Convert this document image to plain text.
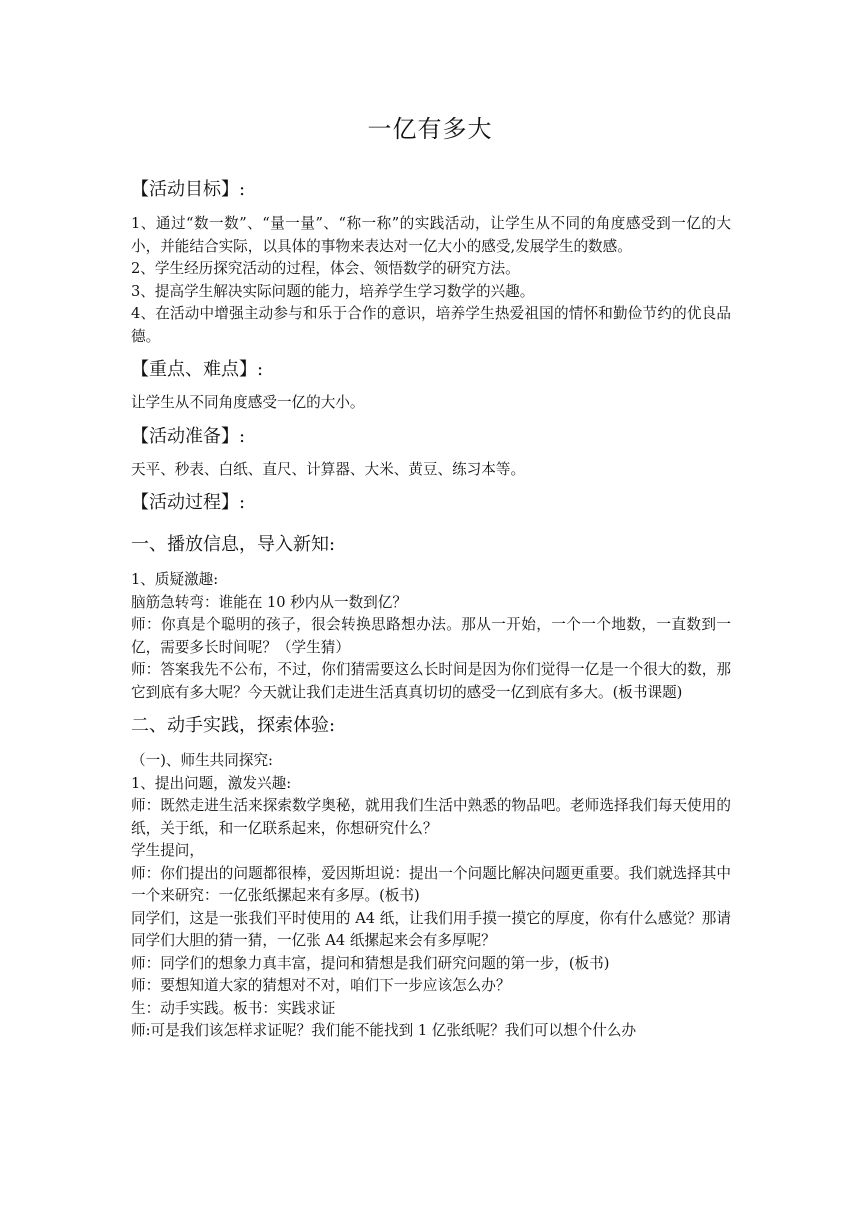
一亿有多大

【活动目标】:

1、通过“数一数”、“量一量”、“称一称”的实践活动，让学生从不同的角度感受到一亿的大小，并能结合实际，以具体的事物来表达对一亿大小的感受,发展学生的数感。

2、学生经历探究活动的过程，体会、领悟数学的研究方法。

3、提高学生解决实际问题的能力，培养学生学习数学的兴趣。

4、在活动中增强主动参与和乐于合作的意识，培养学生热爱祖国的情怀和勤俭节约的优良品德。

【重点、难点】:

让学生从不同角度感受一亿的大小。

【活动准备】:

天平、秒表、白纸、直尺、计算器、大米、黄豆、练习本等。

【活动过程】:

一、播放信息，导入新知:

1、质疑激趣:

脑筋急转弯：谁能在 10 秒内从一数到亿？

师：你真是个聪明的孩子，很会转换思路想办法。那从一开始，一个一个地数，一直数到一亿，需要多长时间呢？（学生猜）

师：答案我先不公布，不过，你们猜需要这么长时间是因为你们觉得一亿是一个很大的数，那它到底有多大呢？今天就让我们走进生活真真切切的感受一亿到底有多大。(板书课题)

二、动手实践，探索体验:

（一)、师生共同探究:

1、提出问题，激发兴趣:

师：既然走进生活来探索数学奥秘，就用我们生活中熟悉的物品吧。老师选择我们每天使用的纸，关于纸，和一亿联系起来，你想研究什么？

学生提问，

师：你们提出的问题都很棒，爱因斯坦说：提出一个问题比解决问题更重要。我们就选择其中一个来研究：一亿张纸摞起来有多厚。(板书)

同学们，这是一张我们平时使用的 A4 纸，让我们用手摸一摸它的厚度，你有什么感觉？那请同学们大胆的猜一猜，一亿张 A4 纸摞起来会有多厚呢？

师：同学们的想象力真丰富，提问和猜想是我们研究问题的第一步，(板书)

师：要想知道大家的猜想对不对，咱们下一步应该怎么办？

生：动手实践。板书：实践求证

师:可是我们该怎样求证呢？我们能不能找到 1 亿张纸呢？我们可以想个什么办
